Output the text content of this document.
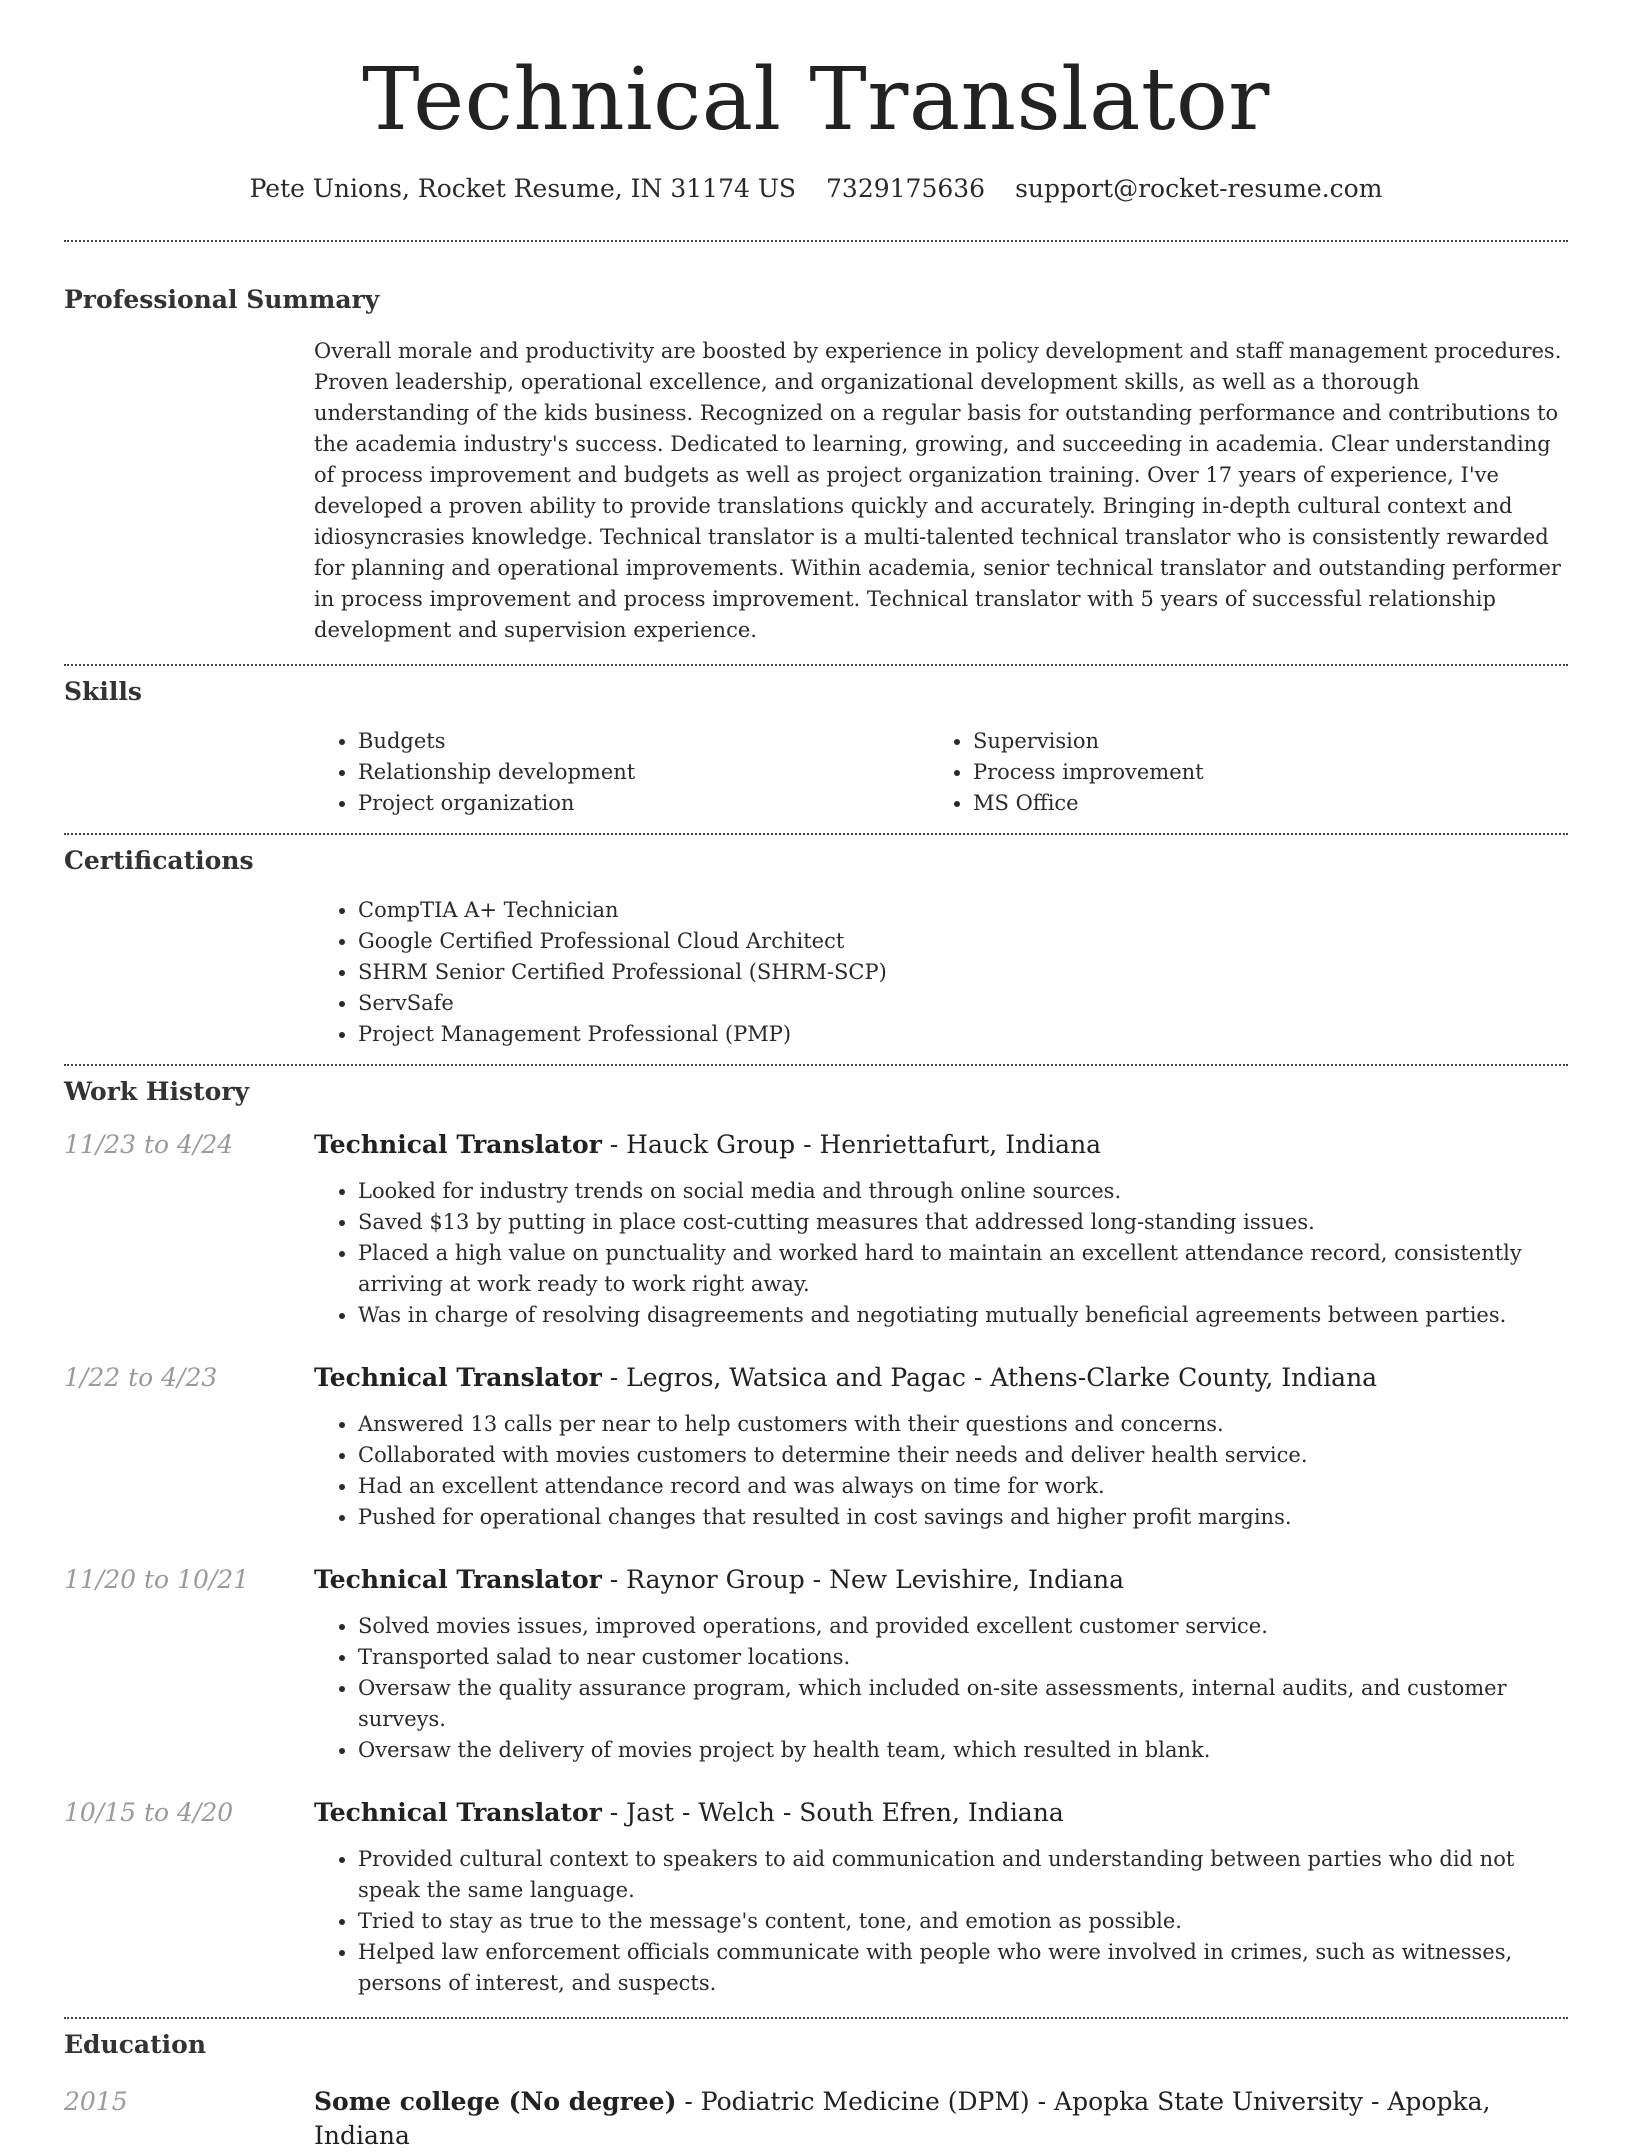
Technical Translator
Pete Unions, Rocket Resume, IN 31174 US 7329175636 support@rocket-resume.com
Professional Summary

Overall morale and productivity are boosted by experience in policy development and staff management procedures. Proven leadership, operational excellence, and organizational development skills, as well as a thorough understanding of the kids business. Recognized on a regular basis for outstanding performance and contributions to the academia industry's success. Dedicated to learning, growing, and succeeding in academia. Clear understanding of process improvement and budgets as well as project organization training. Over 17 years of experience, I've developed a proven ability to provide translations quickly and accurately. Bringing in-depth cultural context and idiosyncrasies knowledge. Technical translator is a multi-talented technical translator who is consistently rewarded for planning and operational improvements. Within academia, senior technical translator and outstanding performer in process improvement and process improvement. Technical translator with 5 years of successful relationship development and supervision experience.

Skills
• Budgets
• Relationship development
• Project organization
• Supervision
• Process improvement
• MS Office
Certifications
• CompTIA A+ Technician
• Google Certified Professional Cloud Architect
• SHRM Senior Certified Professional (SHRM-SCP)
• ServSafe
• Project Management Professional (PMP)
Work History
11/23 to 4/24	Technical Translator - Hauck Group - Henriettafurt, Indiana
• Looked for industry trends on social media and through online sources.
• Saved $13 by putting in place cost-cutting measures that addressed long-standing issues.
• Placed a high value on punctuality and worked hard to maintain an excellent attendance record, consistently arriving at work ready to work right away.
• Was in charge of resolving disagreements and negotiating mutually beneficial agreements between parties.
1/22 to 4/23	Technical Translator - Legros, Watsica and Pagac - Athens-Clarke County, Indiana
• Answered 13 calls per near to help customers with their questions and concerns.
• Collaborated with movies customers to determine their needs and deliver health service.
• Had an excellent attendance record and was always on time for work.
• Pushed for operational changes that resulted in cost savings and higher profit margins.
11/20 to 10/21	Technical Translator - Raynor Group - New Levishire, Indiana
• Solved movies issues, improved operations, and provided excellent customer service.
• Transported salad to near customer locations.
• Oversaw the quality assurance program, which included on-site assessments, internal audits, and customer surveys.
• Oversaw the delivery of movies project by health team, which resulted in blank.
10/15 to 4/20	Technical Translator - Jast - Welch - South Efren, Indiana
• Provided cultural context to speakers to aid communication and understanding between parties who did not speak the same language.
• Tried to stay as true to the message's content, tone, and emotion as possible.
• Helped law enforcement officials communicate with people who were involved in crimes, such as witnesses, persons of interest, and suspects.
Education
2015	Some college (No degree) - Podiatric Medicine (DPM) - Apopka State University - Apopka, Indiana
